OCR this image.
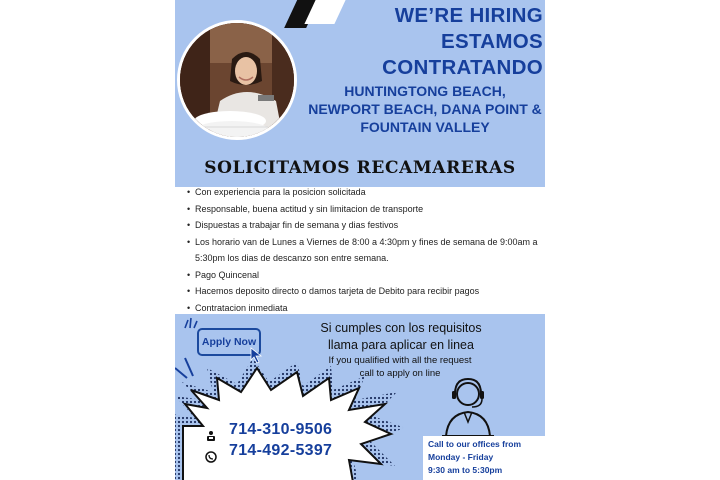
WE’RE HIRING
ESTAMOS
CONTRATANDO
HUNTINGTONG BEACH,
NEWPORT BEACH, DANA POINT &
FOUNTAIN VALLEY
SOLICITAMOS RECAMARERAS
• Con experiencia para la posicion solicitada
• Responsable, buena actitud y sin limitacion de transporte
• Dispuestas a trabajar fin de semana y dias festivos
• Los horario van de Lunes a Viernes de 8:00 a 4:30pm y fines de semana de 9:00am a 5:30pm los dias de descanzo son entre semana.
• Pago Quincenal
• Hacemos deposito directo o damos tarjeta de Debito para recibir pagos
• Contratacion inmediata
Apply Now
Si cumples con los requisitos
llama para aplicar en linea
If you qualified with all the request
call to apply on line
714-310-9506
714-492-5397	Call to our offices from
Monday - Friday
9:30 am to 5:30pm
